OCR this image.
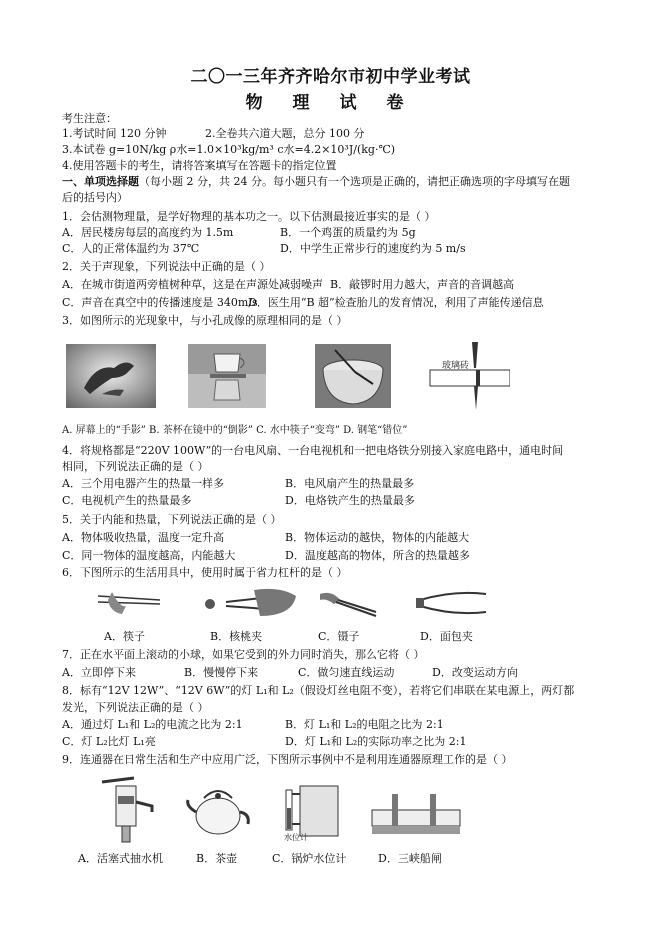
二〇一三年齐齐哈尔市初中学业考试
物 理 试 卷
考生注意：
1.考试时间 120 分钟	2.全卷共六道大题，总分 100 分
3.本试卷 g=10N/kg ρ水=1.0×10³kg/m³ c水=4.2×10³J/(kg·℃)
4.使用答题卡的考生，请将答案填写在答题卡的指定位置
一、单项选择题（每小题 2 分，共 24 分。每小题只有一个选项是正确的，请把正确选项的字母填写在题
后的括号内）
1．会估测物理量，是学好物理的基本功之一。以下估测最接近事实的是（ ）
A．居民楼房每层的高度约为 1.5m	B．一个鸡蛋的质量约为 5g
C．人的正常体温约为 37℃	D．中学生正常步行的速度约为 5 m/s
2．关于声现象，下列说法中正确的是（ ）
A．在城市街道两旁植树种草，这是在声源处减弱噪声 B．敲锣时用力越大，声音的音调越高
C．声音在真空中的传播速度是 340m/s
D．医生用“B 超”检查胎儿的发育情况，利用了声能传递信息
3．如图所示的光现象中，与小孔成像的原理相同的是（ ）
玻璃砖
A. 屏幕上的“手影” B. 茶杯在镜中的“倒影” C. 水中筷子“变弯” D. 钢笔“错位”
4．将规格都是“220V 100W”的一台电风扇、一台电视机和一把电烙铁分别接入家庭电路中，通电时间
相同，下列说法正确的是（ ）
A．三个用电器产生的热量一样多	B．电风扇产生的热量最多
C．电视机产生的热量最多	D．电烙铁产生的热量最多
5．关于内能和热量，下列说法正确的是（ ）
A．物体吸收热量，温度一定升高	B．物体运动的越快，物体的内能越大
C．同一物体的温度越高，内能越大	D．温度越高的物体，所含的热量越多
6．下图所示的生活用具中，使用时属于省力杠杆的是（ ）
A．筷子	B．核桃夹	C．镊子	D．面包夹
7．正在水平面上滚动的小球，如果它受到的外力同时消失，那么它将（ ）
A．立即停下来	B．慢慢停下来	C．做匀速直线运动	D．改变运动方向
8．标有“12V 12W”、“12V 6W”的灯 L₁和 L₂（假设灯丝电阻不变），若将它们串联在某电源上，两灯都
发光，下列说法正确的是（ ）
A．通过灯 L₁和 L₂的电流之比为 2:1	B．灯 L₁和 L₂的电阻之比为 2:1
C．灯 L₂比灯 L₁亮	D．灯 L₁和 L₂的实际功率之比为 2:1
9．连通器在日常生活和生产中应用广泛，下图所示事例中不是利用连通器原理工作的是（ ）
水位计
A．活塞式抽水机	B．茶壶	C．锅炉水位计	D．三峡船闸
